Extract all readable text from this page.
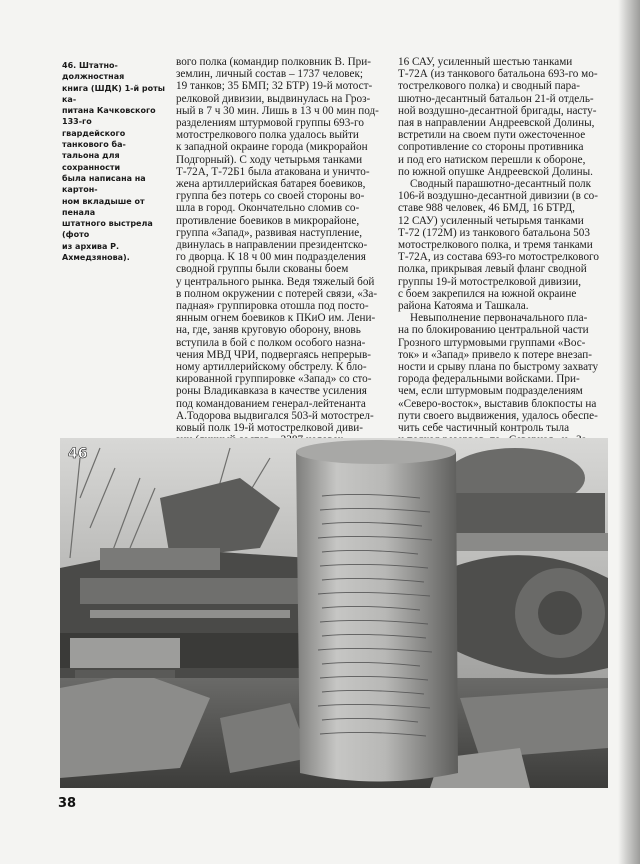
46. Штатно-должностная
книга (ШДК) 1-й роты ка-
питана Качковского 133-го
гвардейского танкового ба-
тальона для сохранности
была написана на картон-
ном вкладыше от пенала
штатного выстрела (фото
из архива Р. Ахмедзянова).

вого полка (командир полковник В. При-
землин, личный состав – 1737 человек;
19 танков; 35 БМП; 32 БТР) 19-й мотост-
релковой дивизии, выдвинулась на Гроз-
ный в 7 ч 30 мин. Лишь в 13 ч 00 мин под-
разделениям штурмовой группы 693-го
мотострелкового полка удалось выйти
к западной окраине города (микрорайон
Подгорный). С ходу четырьмя танками
Т-72А, Т-72Б1 была атакована и уничто-
жена артиллерийская батарея боевиков,
группа без потерь со своей стороны во-
шла в город. Окончательно сломив со-
противление боевиков в микрорайоне,
группа «Запад», развивая наступление,
двинулась в направлении президентско-
го дворца. К 18 ч 00 мин подразделения
сводной группы были скованы боем
у центрального рынка. Ведя тяжелый бой
в полном окружении с потерей связи, «За-
падная» группировка отошла под посто-
янным огнем боевиков к ПКиО им. Лени-
на, где, заняв круговую оборону, вновь
вступила в бой с полком особого назна-
чения МВД ЧРИ, подвергаясь непрерыв-
ному артиллерийскому обстрелу. К бло-
кированной группировке «Запад» со сто-
роны Владикавказа в качестве усиления
под командованием генерал-лейтенанта
А.Тодорова выдвигался 503-й мотострел-
ковый полк 19-й мотострелковой диви-

16 САУ, усиленный шестью танками
Т-72А (из танкового батальона 693-го мо-
тострелкового полка) и сводный пара-
шютно-десантный батальон 21-й отдель-
ной воздушно-десантной бригады, насту-
пая в направлении Андреевской Долины,
встретили на своем пути ожесточенное
сопротивление со стороны противника
и под его натиском перешли к обороне,
по южной опушке Андреевской Долины.

Сводный парашютно-десантный полк
106-й воздушно-десантной дивизии (в со-
ставе 988 человек, 46 БМД, 16 БТРД,
12 САУ) усиленный четырьмя танками
Т-72 (172М) из танкового батальона 503
мотострелкового полка, и тремя танками
Т-72А, из состава 693-го мотострелкового
полка, прикрывая левый фланг сводной
группы 19-й мотострелковой дивизии,
с боем закрепился на южной окраине
района Катояма и Ташкала.

Невыполнение первоначального пла-
на по блокированию центральной части
Грозного штурмовыми группами «Вос-
ток» и «Запад» привело к потере внезап-
ности и срыву плана по быстрому захвату
города федеральными войсками. При-
чем, если штурмовым подразделениям
«Северо-восток», выставив блокпосты на
пути своего выдвижения, удалось обеспе-
чить себе частичный контроль тыла

46
38
